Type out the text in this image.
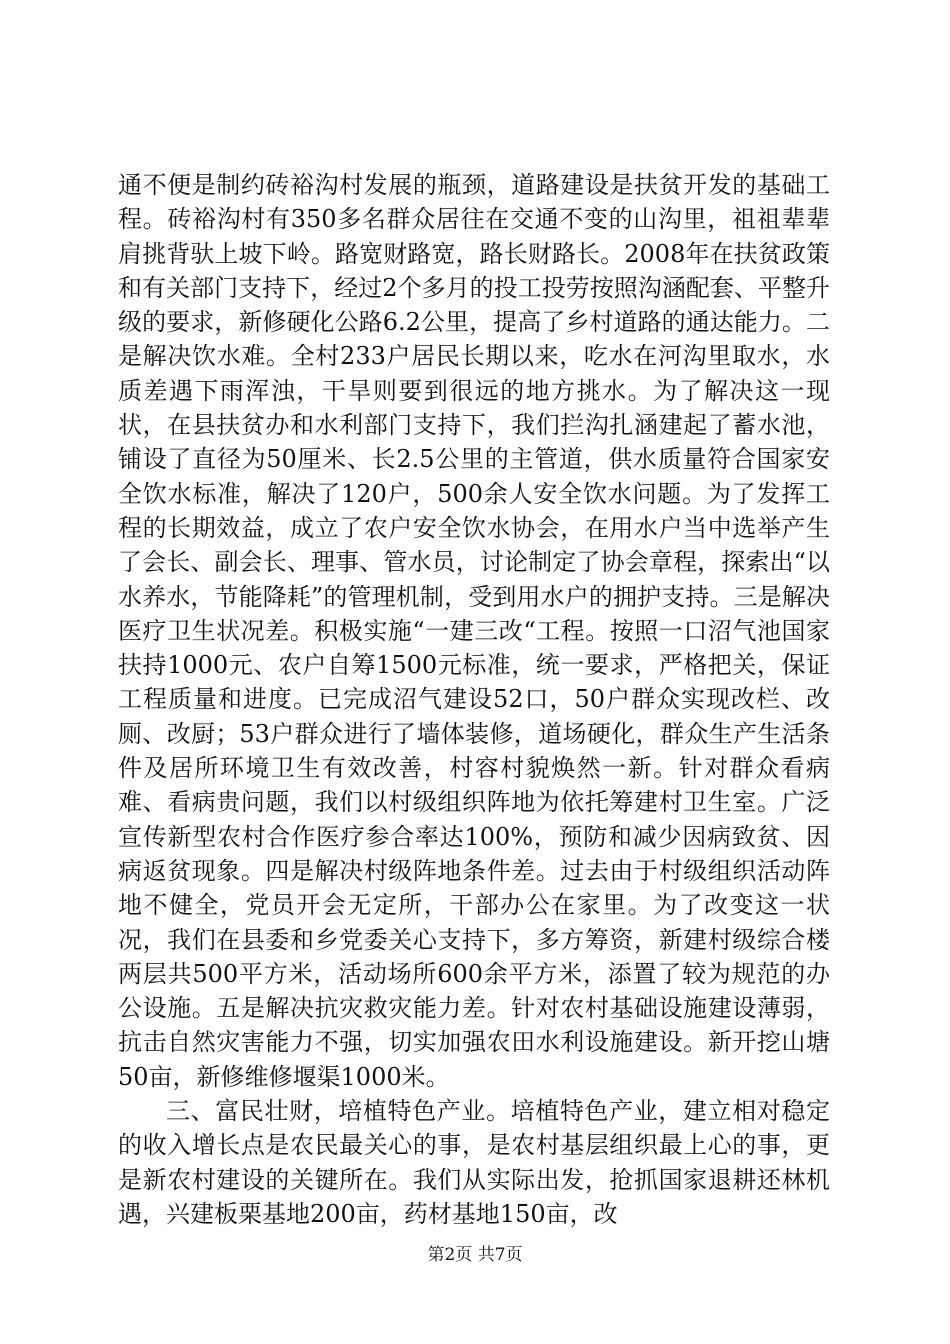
通不便是制约砖裕沟村发展的瓶颈，道路建设是扶贫开发的基础工程。砖裕沟村有350多名群众居往在交通不变的山沟里，祖祖辈辈肩挑背驮上坡下岭。路宽财路宽，路长财路长。2008年在扶贫政策和有关部门支持下，经过2个多月的投工投劳按照沟涵配套、平整升级的要求，新修硬化公路6.2公里，提高了乡村道路的通达能力。二是解决饮水难。全村233户居民长期以来，吃水在河沟里取水，水质差遇下雨浑浊，干旱则要到很远的地方挑水。为了解决这一现状，在县扶贫办和水利部门支持下，我们拦沟扎涵建起了蓄水池，铺设了直径为50厘米、长2.5公里的主管道，供水质量符合国家安全饮水标准，解决了120户，500余人安全饮水问题。为了发挥工程的长期效益，成立了农户安全饮水协会，在用水户当中选举产生了会长、副会长、理事、管水员，讨论制定了协会章程，探索出“以水养水，节能降耗”的管理机制，受到用水户的拥护支持。三是解决医疗卫生状况差。积极实施“一建三改“工程。按照一口沼气池国家扶持1000元、农户自筹1500元标准，统一要求，严格把关，保证工程质量和进度。已完成沼气建设52口，50户群众实现改栏、改厕、改厨；53户群众进行了墙体装修，道场硬化，群众生产生活条件及居所环境卫生有效改善，村容村貌焕然一新。针对群众看病难、看病贵问题，我们以村级组织阵地为依托筹建村卫生室。广泛宣传新型农村合作医疗参合率达100%，预防和减少因病致贫、因病返贫现象。四是解决村级阵地条件差。过去由于村级组织活动阵地不健全，党员开会无定所，干部办公在家里。为了改变这一状况，我们在县委和乡党委关心支持下，多方筹资，新建村级综合楼两层共500平方米，活动场所600余平方米，添置了较为规范的办公设施。五是解决抗灾救灾能力差。针对农村基础设施建设薄弱，抗击自然灾害能力不强，切实加强农田水利设施建设。新开挖山塘50亩，新修维修堰渠1000米。

三、富民壮财，培植特色产业。培植特色产业，建立相对稳定的收入增长点是农民最关心的事，是农村基层组织最上心的事，更是新农村建设的关键所在。我们从实际出发，抢抓国家退耕还林机遇，兴建板栗基地200亩，药材基地150亩，改

第2页 共7页
